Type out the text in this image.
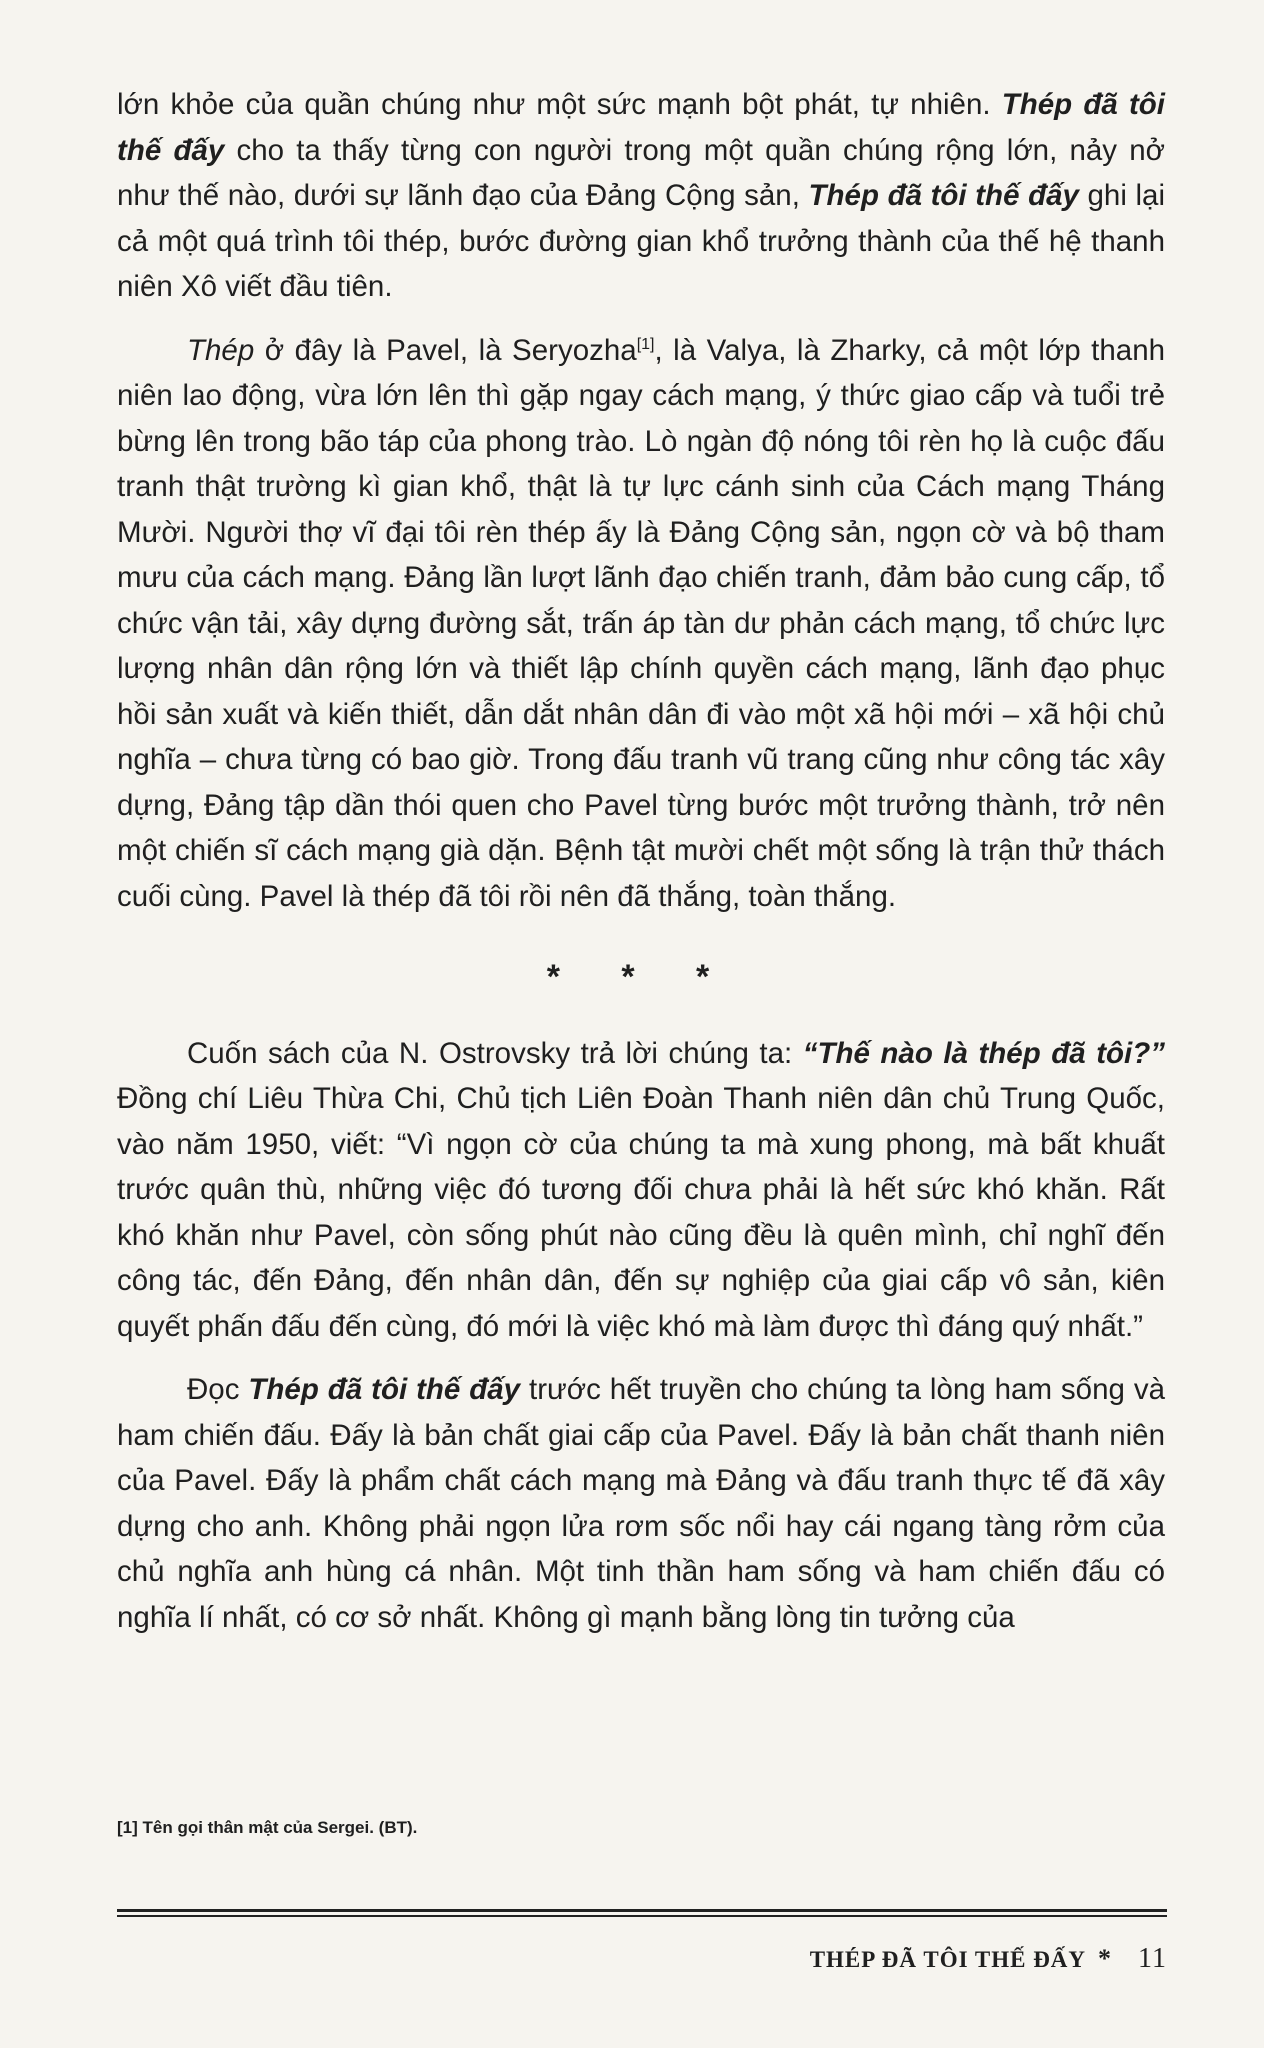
lớn khỏe của quần chúng như một sức mạnh bột phát, tự nhiên. Thép đã tôi thế đấy cho ta thấy từng con người trong một quần chúng rộng lớn, nảy nở như thế nào, dưới sự lãnh đạo của Đảng Cộng sản, Thép đã tôi thế đấy ghi lại cả một quá trình tôi thép, bước đường gian khổ trưởng thành của thế hệ thanh niên Xô viết đầu tiên.

Thép ở đây là Pavel, là Seryozha[1], là Valya, là Zharky, cả một lớp thanh niên lao động, vừa lớn lên thì gặp ngay cách mạng, ý thức giao cấp và tuổi trẻ bừng lên trong bão táp của phong trào. Lò ngàn độ nóng tôi rèn họ là cuộc đấu tranh thật trường kì gian khổ, thật là tự lực cánh sinh của Cách mạng Tháng Mười. Người thợ vĩ đại tôi rèn thép ấy là Đảng Cộng sản, ngọn cờ và bộ tham mưu của cách mạng. Đảng lần lượt lãnh đạo chiến tranh, đảm bảo cung cấp, tổ chức vận tải, xây dựng đường sắt, trấn áp tàn dư phản cách mạng, tổ chức lực lượng nhân dân rộng lớn và thiết lập chính quyền cách mạng, lãnh đạo phục hồi sản xuất và kiến thiết, dẫn dắt nhân dân đi vào một xã hội mới – xã hội chủ nghĩa – chưa từng có bao giờ. Trong đấu tranh vũ trang cũng như công tác xây dựng, Đảng tập dần thói quen cho Pavel từng bước một trưởng thành, trở nên một chiến sĩ cách mạng già dặn. Bệnh tật mười chết một sống là trận thử thách cuối cùng. Pavel là thép đã tôi rồi nên đã thắng, toàn thắng.

* * *

Cuốn sách của N. Ostrovsky trả lời chúng ta: “Thế nào là thép đã tôi?” Đồng chí Liêu Thừa Chi, Chủ tịch Liên Đoàn Thanh niên dân chủ Trung Quốc, vào năm 1950, viết: “Vì ngọn cờ của chúng ta mà xung phong, mà bất khuất trước quân thù, những việc đó tương đối chưa phải là hết sức khó khăn. Rất khó khăn như Pavel, còn sống phút nào cũng đều là quên mình, chỉ nghĩ đến công tác, đến Đảng, đến nhân dân, đến sự nghiệp của giai cấp vô sản, kiên quyết phấn đấu đến cùng, đó mới là việc khó mà làm được thì đáng quý nhất.”

Đọc Thép đã tôi thế đấy trước hết truyền cho chúng ta lòng ham sống và ham chiến đấu. Đấy là bản chất giai cấp của Pavel. Đấy là bản chất thanh niên của Pavel. Đấy là phẩm chất cách mạng mà Đảng và đấu tranh thực tế đã xây dựng cho anh. Không phải ngọn lửa rơm sốc nổi hay cái ngang tàng rởm của chủ nghĩa anh hùng cá nhân. Một tinh thần ham sống và ham chiến đấu có nghĩa lí nhất, có cơ sở nhất. Không gì mạnh bằng lòng tin tưởng của

[1] Tên gọi thân mật của Sergei. (BT).
THÉP ĐÃ TÔI THẾ ĐẤY * 11
